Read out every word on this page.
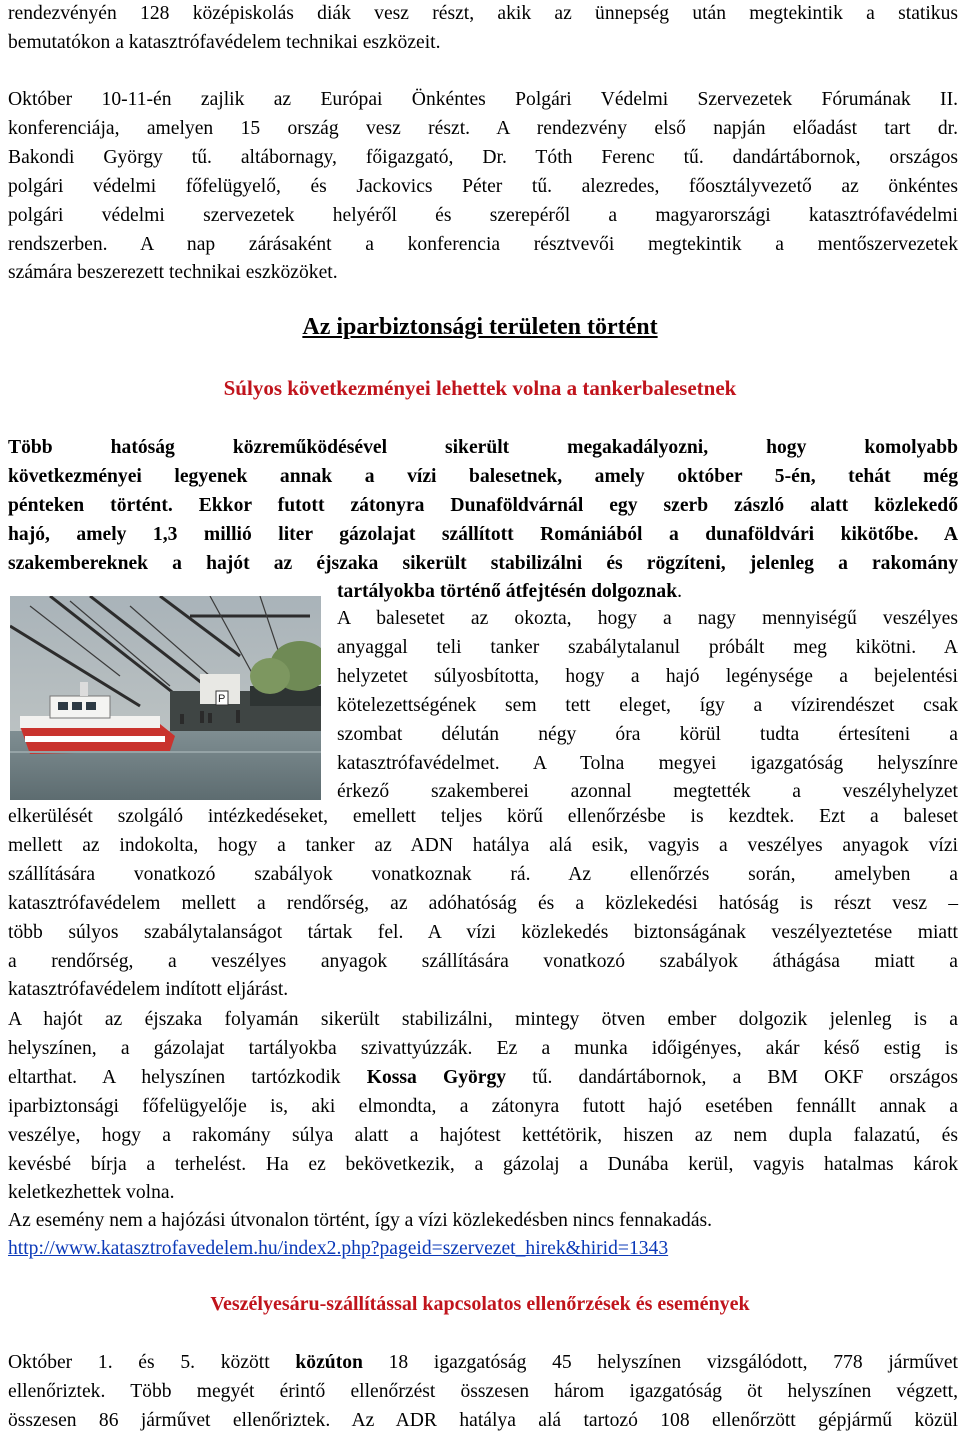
rendezvényén 128 középiskolás diák vesz részt, akik az ünnepség után megtekintik a statikus
bemutatókon a katasztrófavédelem technikai eszközeit.
Október 10-11-én zajlik az Európai Önkéntes Polgári Védelmi Szervezetek Fórumának II.
konferenciája, amelyen 15 ország vesz részt. A rendezvény első napján előadást tart dr.
Bakondi György tű. altábornagy, főigazgató, Dr. Tóth Ferenc tű. dandártábornok, országos
polgári védelmi főfelügyelő, és Jackovics Péter tű. alezredes, főosztályvezető az önkéntes
polgári védelmi szervezetek helyéről és szerepéről a magyarországi katasztrófavédelmi
rendszerben. A nap zárásaként a konferencia résztvevői megtekintik a mentőszervezetek
számára beszerezett technikai eszközöket.
Az iparbiztonsági területen történt
Súlyos következményei lehettek volna a tankerbalesetnek
Több hatóság közreműködésével sikerült megakadályozni, hogy komolyabb
következményei legyenek annak a vízi balesetnek, amely október 5-én, tehát még
pénteken történt. Ekkor futott zátonyra Dunaföldvárnál egy szerb zászló alatt közlekedő
hajó, amely 1,3 millió liter gázolajat szállított Romániából a dunaföldvári kikötőbe. A
szakembereknek a hajót az éjszaka sikerült stabilizálni és rögzíteni, jelenleg a rakomány
tartályokba történő átfejtésén dolgoznak.
P
A balesetet az okozta, hogy a nagy mennyiségű veszélyes
anyaggal teli tanker szabálytalanul próbált meg kikötni. A
helyzetet súlyosbította, hogy a hajó legénysége a bejelentési
kötelezettségének sem tett eleget, így a vízirendészet csak
szombat délután négy óra körül tudta értesíteni a
katasztrófavédelmet. A Tolna megyei igazgatóság helyszínre
érkező szakemberei azonnal megtették a veszélyhelyzet
elkerülését szolgáló intézkedéseket, emellett teljes körű ellenőrzésbe is kezdtek. Ezt a baleset
mellett az indokolta, hogy a tanker az ADN hatálya alá esik, vagyis a veszélyes anyagok vízi
szállítására vonatkozó szabályok vonatkoznak rá. Az ellenőrzés során, amelyben a
katasztrófavédelem mellett a rendőrség, az adóhatóság és a közlekedési hatóság is részt vesz –
több súlyos szabálytalanságot tártak fel. A vízi közlekedés biztonságának veszélyeztetése miatt
a rendőrség, a veszélyes anyagok szállítására vonatkozó szabályok áthágása miatt a
katasztrófavédelem indított eljárást.
A hajót az éjszaka folyamán sikerült stabilizálni, mintegy ötven ember dolgozik jelenleg is a
helyszínen, a gázolajat tartályokba szivattyúzzák. Ez a munka időigényes, akár késő estig is
eltarthat. A helyszínen tartózkodik Kossa György tű. dandártábornok, a BM OKF országos
iparbiztonsági főfelügyelője is, aki elmondta, a zátonyra futott hajó esetében fennállt annak a
veszélye, hogy a rakomány súlya alatt a hajótest kettétörik, hiszen az nem dupla falazatú, és
kevésbé bírja a terhelést. Ha ez bekövetkezik, a gázolaj a Dunába kerül, vagyis hatalmas károk
keletkezhettek volna.
Az esemény nem a hajózási útvonalon történt, így a vízi közlekedésben nincs fennakadás.
http://www.katasztrofavedelem.hu/index2.php?pageid=szervezet_hirek&hirid=1343
Veszélyesáru-szállítással kapcsolatos ellenőrzések és események
Október 1. és 5. között közúton 18 igazgatóság 45 helyszínen vizsgálódott, 778 járművet
ellenőriztek. Több megyét érintő ellenőrzést összesen három igazgatóság öt helyszínen végzett,
összesen 86 járművet ellenőriztek. Az ADR hatálya alá tartozó 108 ellenőrzött gépjármű közül
